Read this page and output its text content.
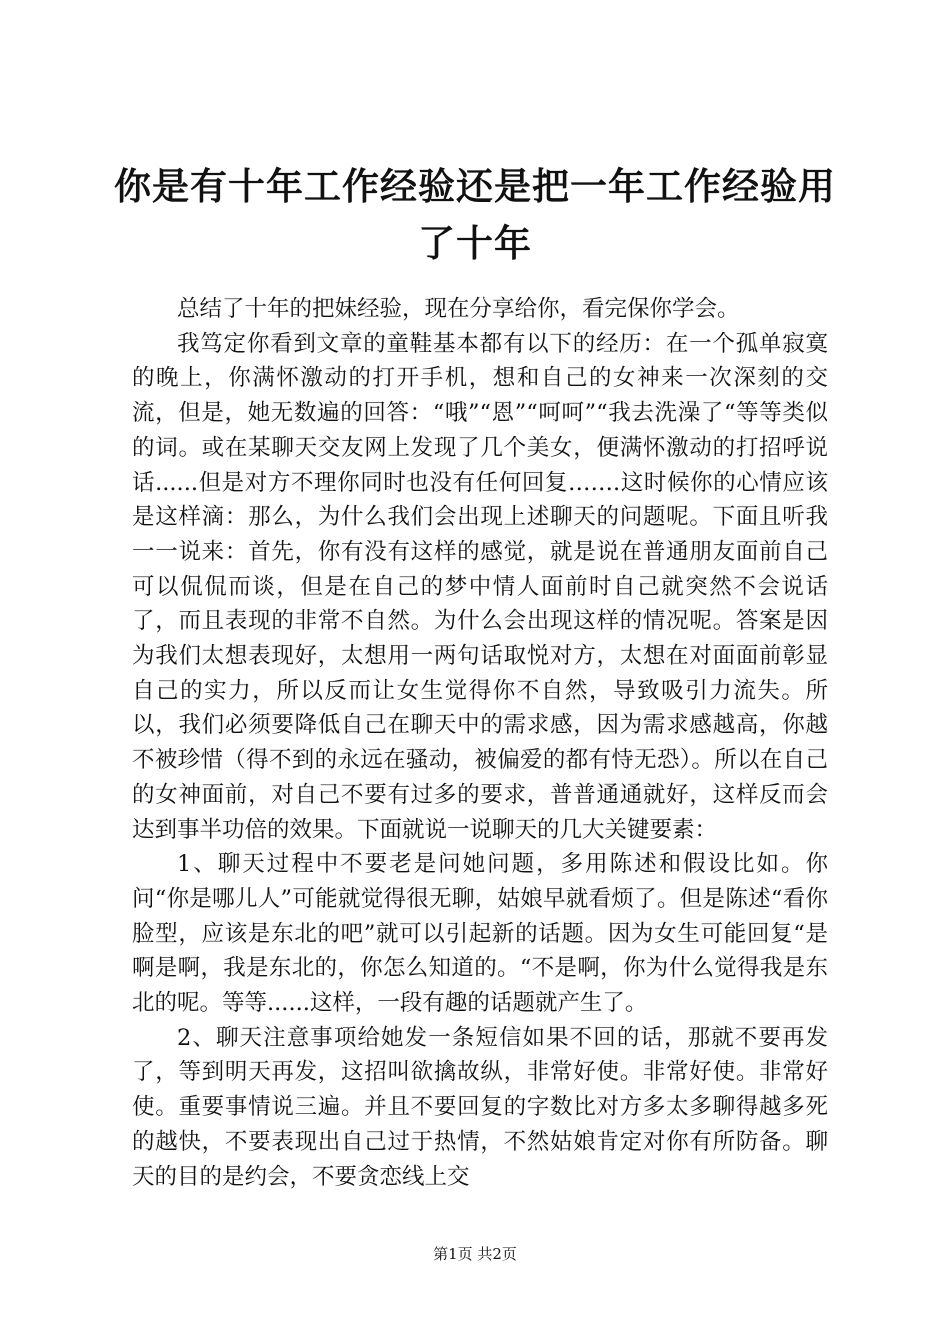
你是有十年工作经验还是把一年工作经验用了十年

总结了十年的把妹经验，现在分享给你，看完保你学会。

我笃定你看到文章的童鞋基本都有以下的经历：在一个孤单寂寞的晚上，你满怀激动的打开手机，想和自己的女神来一次深刻的交流，但是，她无数遍的回答：“哦”“恩”“呵呵”“我去洗澡了“等等类似的词。或在某聊天交友网上发现了几个美女，便满怀激动的打招呼说话......但是对方不理你同时也没有任何回复…….这时候你的心情应该是这样滴：那么，为什么我们会出现上述聊天的问题呢。下面且听我一一说来：首先，你有没有这样的感觉，就是说在普通朋友面前自己可以侃侃而谈，但是在自己的梦中情人面前时自己就突然不会说话了，而且表现的非常不自然。为什么会出现这样的情况呢。答案是因为我们太想表现好，太想用一两句话取悦对方，太想在对面面前彰显自己的实力，所以反而让女生觉得你不自然，导致吸引力流失。所以，我们必须要降低自己在聊天中的需求感，因为需求感越高，你越不被珍惜（得不到的永远在骚动，被偏爱的都有恃无恐）。所以在自己的女神面前，对自己不要有过多的要求，普普通通就好，这样反而会达到事半功倍的效果。下面就说一说聊天的几大关键要素：

1、聊天过程中不要老是问她问题，多用陈述和假设比如。你问“你是哪儿人”可能就觉得很无聊，姑娘早就看烦了。但是陈述“看你脸型，应该是东北的吧”就可以引起新的话题。因为女生可能回复“是啊是啊，我是东北的，你怎么知道的。“不是啊，你为什么觉得我是东北的呢。等等......这样，一段有趣的话题就产生了。

2、聊天注意事项给她发一条短信如果不回的话，那就不要再发了，等到明天再发，这招叫欲擒故纵，非常好使。非常好使。非常好使。重要事情说三遍。并且不要回复的字数比对方多太多聊得越多死的越快，不要表现出自己过于热情，不然姑娘肯定对你有所防备。聊天的目的是约会，不要贪恋线上交

第1页 共2页
